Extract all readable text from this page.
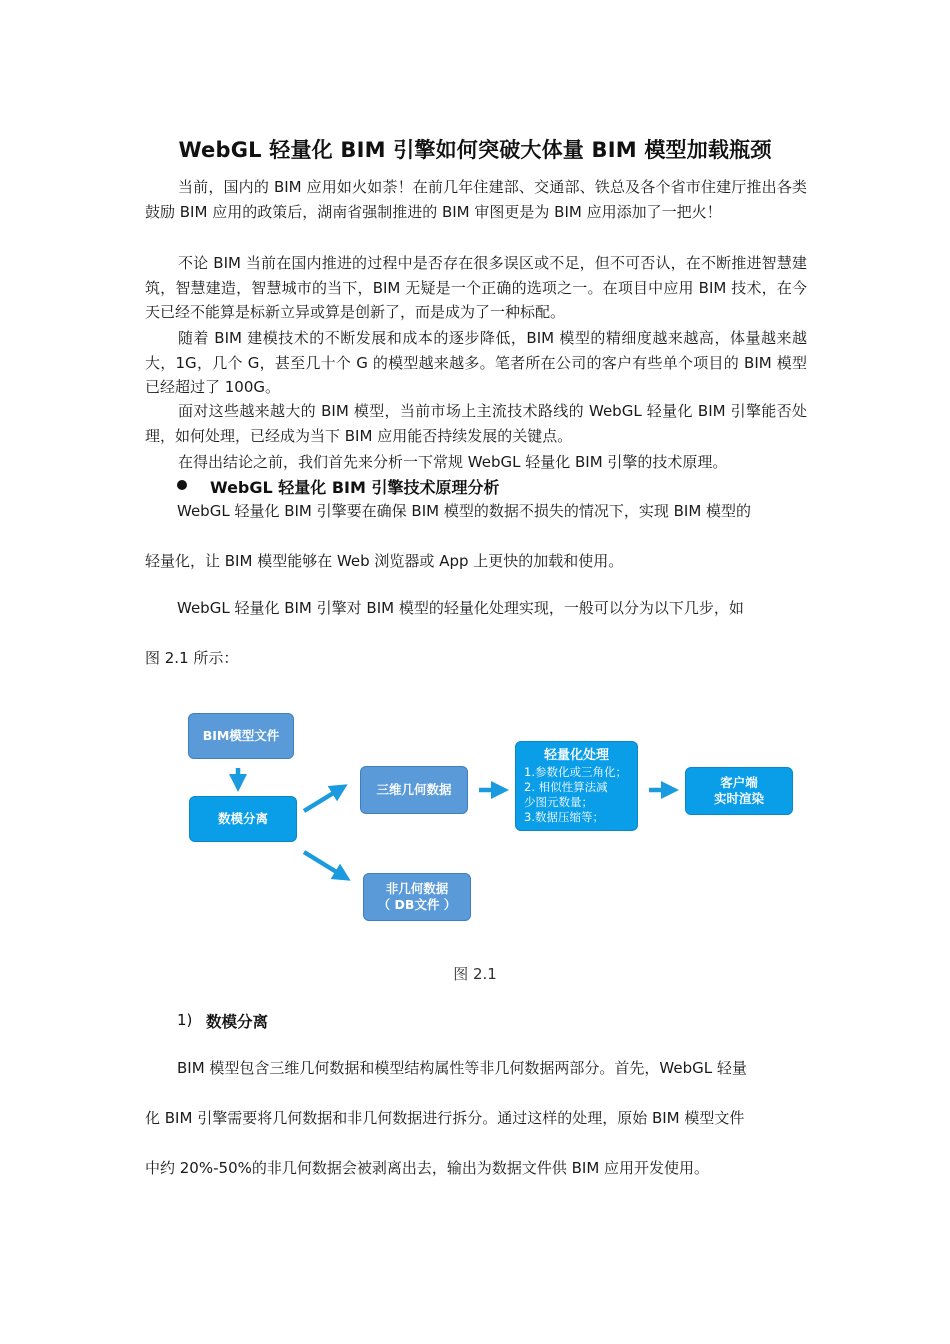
WebGL 轻量化 BIM 引擎如何突破大体量 BIM 模型加载瓶颈

当前，国内的 BIM 应用如火如荼！在前几年住建部、交通部、铁总及各个省市住建厅推出各类鼓励 BIM 应用的政策后，湖南省强制推进的 BIM 审图更是为 BIM 应用添加了一把火！

不论 BIM 当前在国内推进的过程中是否存在很多误区或不足，但不可否认，在不断推进智慧建筑，智慧建造，智慧城市的当下，BIM 无疑是一个正确的选项之一。在项目中应用 BIM 技术，在今天已经不能算是标新立异或算是创新了，而是成为了一种标配。

随着 BIM 建模技术的不断发展和成本的逐步降低，BIM 模型的精细度越来越高，体量越来越大，1G，几个 G，甚至几十个 G 的模型越来越多。笔者所在公司的客户有些单个项目的 BIM 模型已经超过了 100G。

面对这些越来越大的 BIM 模型，当前市场上主流技术路线的 WebGL 轻量化 BIM 引擎能否处理，如何处理，已经成为当下 BIM 应用能否持续发展的关键点。

在得出结论之前，我们首先来分析一下常规 WebGL 轻量化 BIM 引擎的技术原理。

WebGL 轻量化 BIM 引擎技术原理分析
WebGL 轻量化 BIM 引擎要在确保 BIM 模型的数据不损失的情况下，实现 BIM 模型的
轻量化，让 BIM 模型能够在 Web 浏览器或 App 上更快的加载和使用。
WebGL 轻量化 BIM 引擎对 BIM 模型的轻量化处理实现，一般可以分为以下几步，如
图 2.1 所示：
BIM模型文件
数模分离
三维几何数据
非几何数据
（ DB文件 ）
轻量化处理
1.参数化或三角化；
2. 相似性算法减
少图元数量；
3.数据压缩等；
客户端
实时渲染
图 2.1
1) 数模分离
BIM 模型包含三维几何数据和模型结构属性等非几何数据两部分。首先，WebGL 轻量
化 BIM 引擎需要将几何数据和非几何数据进行拆分。通过这样的处理，原始 BIM 模型文件
中约 20%-50%的非几何数据会被剥离出去，输出为数据文件供 BIM 应用开发使用。
